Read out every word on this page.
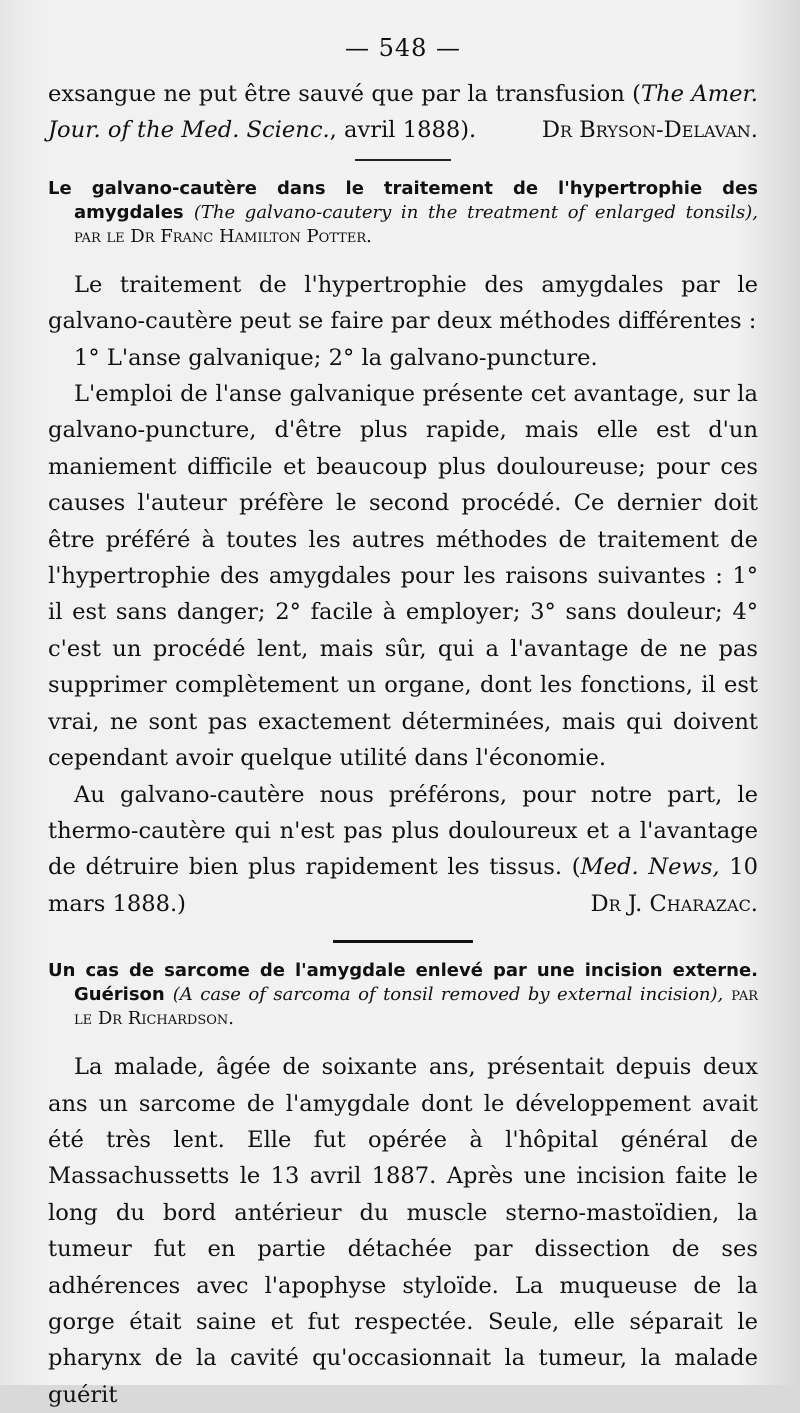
— 548 —

exsangue ne put être sauvé que par la transfusion (The Amer. Jour. of the Med. Scienc., avril 1888).	Dr Bryson-Delavan.

Le galvano-cautère dans le traitement de l'hypertrophie des amygdales (The galvano-cautery in the treatment of enlarged tonsils), par le Dr Franc Hamilton Potter.

Le traitement de l'hypertrophie des amygdales par le galvano-cautère peut se faire par deux méthodes différentes :

1° L'anse galvanique; 2° la galvano-puncture.

L'emploi de l'anse galvanique présente cet avantage, sur la galvano-puncture, d'être plus rapide, mais elle est d'un maniement difficile et beaucoup plus douloureuse; pour ces causes l'auteur préfère le second procédé. Ce dernier doit être préféré à toutes les autres méthodes de traitement de l'hypertrophie des amygdales pour les raisons suivantes : 1° il est sans danger; 2° facile à employer; 3° sans douleur; 4° c'est un procédé lent, mais sûr, qui a l'avantage de ne pas supprimer complètement un organe, dont les fonctions, il est vrai, ne sont pas exactement déterminées, mais qui doivent cependant avoir quelque utilité dans l'économie.

Au galvano-cautère nous préférons, pour notre part, le thermo-cautère qui n'est pas plus douloureux et a l'avantage de détruire bien plus rapidement les tissus. (Med. News, 10 mars 1888.)	Dr J. Charazac.

Un cas de sarcome de l'amygdale enlevé par une incision externe. Guérison (A case of sarcoma of tonsil removed by external incision), par le Dr Richardson.

La malade, âgée de soixante ans, présentait depuis deux ans un sarcome de l'amygdale dont le développement avait été très lent. Elle fut opérée à l'hôpital général de Massachussetts le 13 avril 1887. Après une incision faite le long du bord antérieur du muscle sterno-mastoïdien, la tumeur fut en partie détachée par dissection de ses adhérences avec l'apophyse styloïde. La muqueuse de la gorge était saine et fut respectée. Seule, elle séparait le pharynx de la cavité qu'occasionnait la tumeur, la malade guérit
